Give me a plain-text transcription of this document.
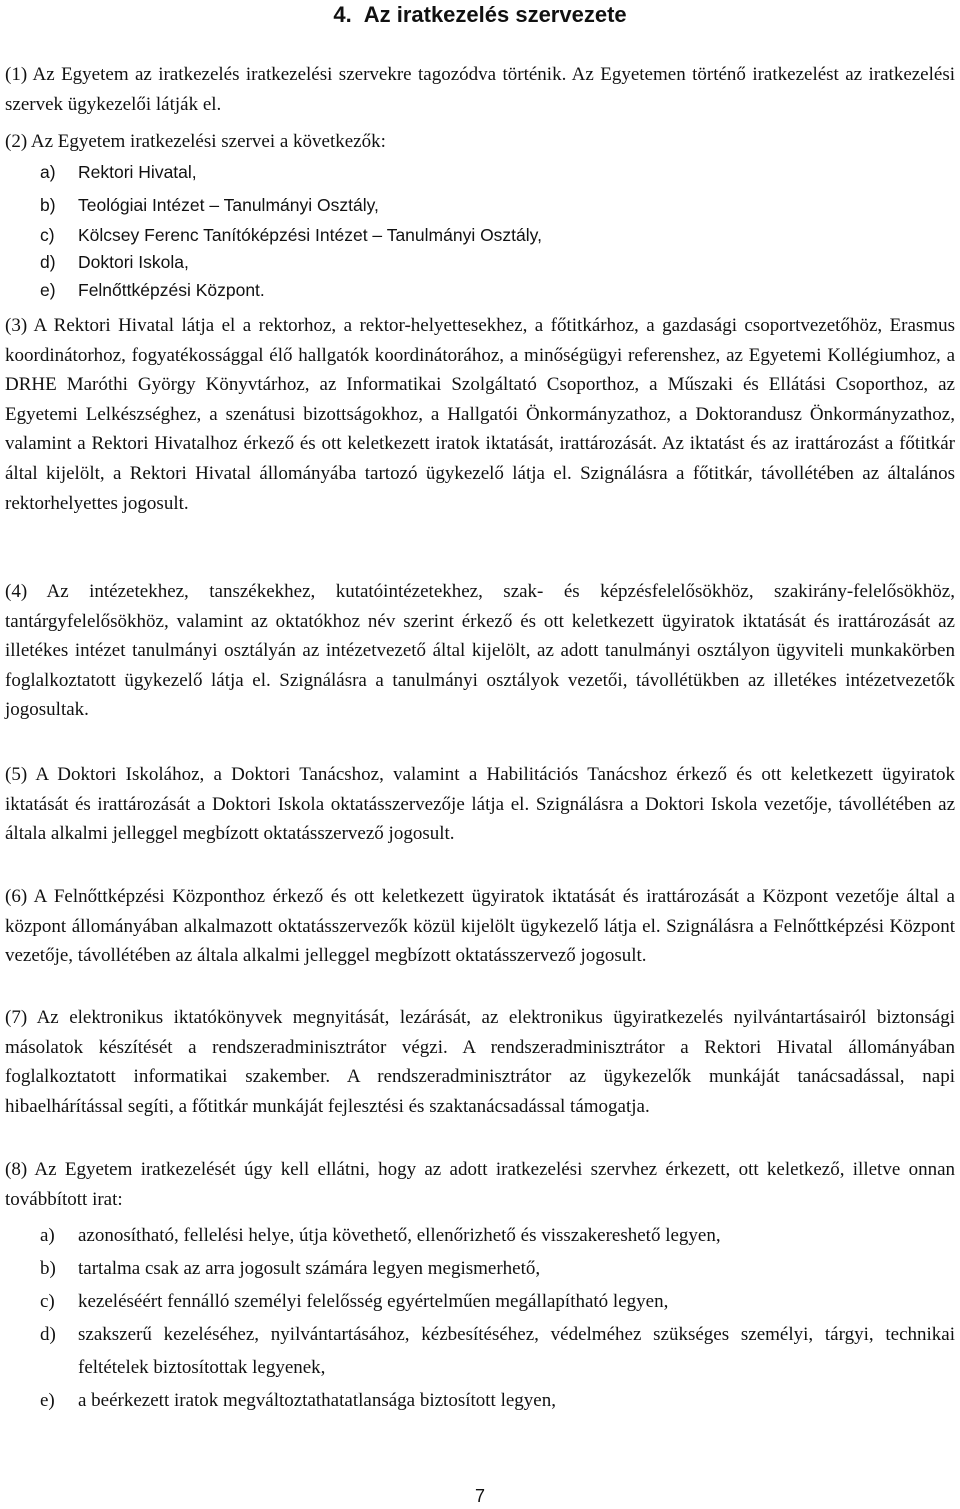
4. Az iratkezelés szervezete

(1) Az Egyetem az iratkezelés iratkezelési szervekre tagozódva történik. Az Egyetemen történő iratkezelést az iratkezelési szervek ügykezelői látják el.

(2) Az Egyetem iratkezelési szervei a következők:

a) Rektori Hivatal,
b) Teológiai Intézet – Tanulmányi Osztály,
c) Kölcsey Ferenc Tanítóképzési Intézet – Tanulmányi Osztály,
d) Doktori Iskola,
e) Felnőttképzési Központ.

(3) A Rektori Hivatal látja el a rektorhoz, a rektor-helyettesekhez, a főtitkárhoz, a gazdasági csoportvezetőhöz, Erasmus koordinátorhoz, fogyatékossággal élő hallgatók koordinátorához, a minőségügyi referenshez, az Egyetemi Kollégiumhoz, a DRHE Maróthi György Könyvtárhoz, az Informatikai Szolgáltató Csoporthoz, a Műszaki és Ellátási Csoporthoz, az Egyetemi Lelkészséghez, a szenátusi bizottságokhoz, a Hallgatói Önkormányzathoz, a Doktorandusz Önkormányzathoz, valamint a Rektori Hivatalhoz érkező és ott keletkezett iratok iktatását, irattározását. Az iktatást és az irattározást a főtitkár által kijelölt, a Rektori Hivatal állományába tartozó ügykezelő látja el. Szignálásra a főtitkár, távollétében az általános rektorhelyettes jogosult.

(4) Az intézetekhez, tanszékekhez, kutatóintézetekhez, szak- és képzésfelelősökhöz, szakirány-felelősökhöz, tantárgyfelelősökhöz, valamint az oktatókhoz név szerint érkező és ott keletkezett ügyiratok iktatását és irattározását az illetékes intézet tanulmányi osztályán az intézetvezető által kijelölt, az adott tanulmányi osztályon ügyviteli munkakörben foglalkoztatott ügykezelő látja el. Szignálásra a tanulmányi osztályok vezetői, távollétükben az illetékes intézetvezetők jogosultak.

(5) A Doktori Iskolához, a Doktori Tanácshoz, valamint a Habilitációs Tanácshoz érkező és ott keletkezett ügyiratok iktatását és irattározását a Doktori Iskola oktatásszervezője látja el. Szignálásra a Doktori Iskola vezetője, távollétében az általa alkalmi jelleggel megbízott oktatásszervező jogosult.

(6) A Felnőttképzési Központhoz érkező és ott keletkezett ügyiratok iktatását és irattározását a Központ vezetője által a központ állományában alkalmazott oktatásszervezők közül kijelölt ügykezelő látja el. Szignálásra a Felnőttképzési Központ vezetője, távollétében az általa alkalmi jelleggel megbízott oktatásszervező jogosult.

(7) Az elektronikus iktatókönyvek megnyitását, lezárását, az elektronikus ügyiratkezelés nyilvántartásairól biztonsági másolatok készítését a rendszeradminisztrátor végzi. A rendszeradminisztrátor a Rektori Hivatal állományában foglalkoztatott informatikai szakember. A rendszeradminisztrátor az ügykezelők munkáját tanácsadással, napi hibaelhárítással segíti, a főtitkár munkáját fejlesztési és szaktanácsadással támogatja.

(8) Az Egyetem iratkezelését úgy kell ellátni, hogy az adott iratkezelési szervhez érkezett, ott keletkező, illetve onnan továbbított irat:

a) azonosítható, fellelési helye, útja követhető, ellenőrizhető és visszakereshető legyen,
b) tartalma csak az arra jogosult számára legyen megismerhető,
c) kezeléséért fennálló személyi felelősség egyértelműen megállapítható legyen,
d)	szakszerű kezeléséhez, nyilvántartásához, kézbesítéséhez, védelméhez szükséges személyi, tárgyi, technikai feltételek biztosítottak legyenek,
e) a beérkezett iratok megváltoztathatatlansága biztosított legyen,
7
